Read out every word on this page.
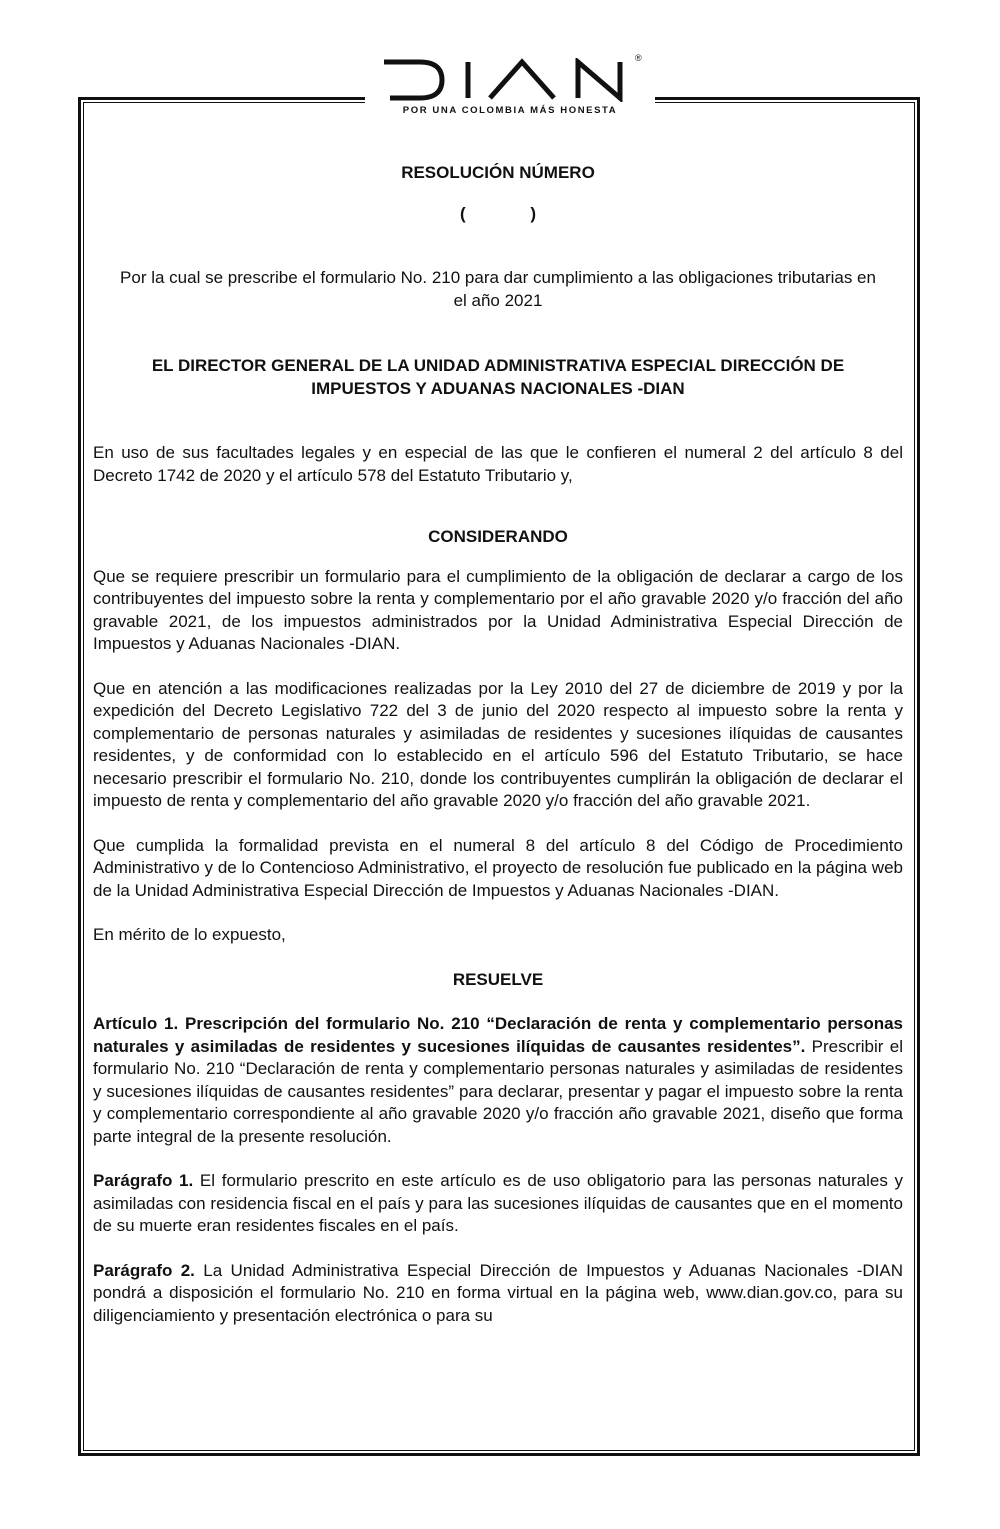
®
POR UNA COLOMBIA MÁS HONESTA

RESOLUCIÓN NÚMERO

( )

Por la cual se prescribe el formulario No. 210 para dar cumplimiento a las obligaciones tributarias en el año 2021

EL DIRECTOR GENERAL DE LA UNIDAD ADMINISTRATIVA ESPECIAL DIRECCIÓN DE IMPUESTOS Y ADUANAS NACIONALES -DIAN

En uso de sus facultades legales y en especial de las que le confieren el numeral 2 del artículo 8 del Decreto 1742 de 2020 y el artículo 578 del Estatuto Tributario y,

CONSIDERANDO

Que se requiere prescribir un formulario para el cumplimiento de la obligación de declarar a cargo de los contribuyentes del impuesto sobre la renta y complementario por el año gravable 2020 y/o fracción del año gravable 2021, de los impuestos administrados por la Unidad Administrativa Especial Dirección de Impuestos y Aduanas Nacionales -DIAN.

Que en atención a las modificaciones realizadas por la Ley 2010 del 27 de diciembre de 2019 y por la expedición del Decreto Legislativo 722 del 3 de junio del 2020 respecto al impuesto sobre la renta y complementario de personas naturales y asimiladas de residentes y sucesiones ilíquidas de causantes residentes, y de conformidad con lo establecido en el artículo 596 del Estatuto Tributario, se hace necesario prescribir el formulario No. 210, donde los contribuyentes cumplirán la obligación de declarar el impuesto de renta y complementario del año gravable 2020 y/o fracción del año gravable 2021.

Que cumplida la formalidad prevista en el numeral 8 del artículo 8 del Código de Procedimiento Administrativo y de lo Contencioso Administrativo, el proyecto de resolución fue publicado en la página web de la Unidad Administrativa Especial Dirección de Impuestos y Aduanas Nacionales -DIAN.

En mérito de lo expuesto,

RESUELVE

Artículo 1. Prescripción del formulario No. 210 “Declaración de renta y complementario personas naturales y asimiladas de residentes y sucesiones ilíquidas de causantes residentes”. Prescribir el formulario No. 210 “Declaración de renta y complementario personas naturales y asimiladas de residentes y sucesiones ilíquidas de causantes residentes” para declarar, presentar y pagar el impuesto sobre la renta y complementario correspondiente al año gravable 2020 y/o fracción año gravable 2021, diseño que forma parte integral de la presente resolución.

Parágrafo 1. El formulario prescrito en este artículo es de uso obligatorio para las personas naturales y asimiladas con residencia fiscal en el país y para las sucesiones ilíquidas de causantes que en el momento de su muerte eran residentes fiscales en el país.

Parágrafo 2. La Unidad Administrativa Especial Dirección de Impuestos y Aduanas Nacionales -DIAN pondrá a disposición el formulario No. 210 en forma virtual en la página web, www.dian.gov.co, para su diligenciamiento y presentación electrónica o para su
